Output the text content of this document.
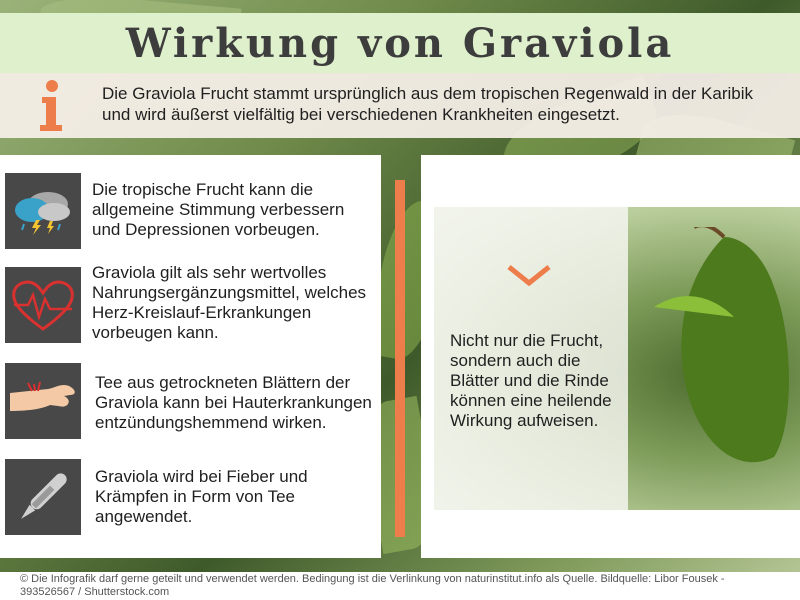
Wirkung von Graviola

Die Graviola Frucht stammt ursprünglich aus dem tropischen Regenwald in der Karibik und wird äußerst vielfältig bei verschiedenen Krankheiten eingesetzt.

Die tropische Frucht kann die allgemeine Stimmung verbessern und Depressionen vorbeugen.

Graviola gilt als sehr wertvolles Nahrungsergänzungsmittel, welches Herz-Kreislauf-Erkrankungen vorbeugen kann.

Tee aus getrockneten Blättern der Graviola kann bei Hauterkrankungen entzündungshemmend wirken.

Graviola wird bei Fieber und Krämpfen in Form von Tee angewendet.

Nicht nur die Frucht, sondern auch die Blätter und die Rinde können eine heilende Wirkung aufweisen.

© Die Infografik darf gerne geteilt und verwendet werden. Bedingung ist die Verlinkung von naturinstitut.info als Quelle. Bildquelle: Libor Fousek - 393526567 / Shutterstock.com
